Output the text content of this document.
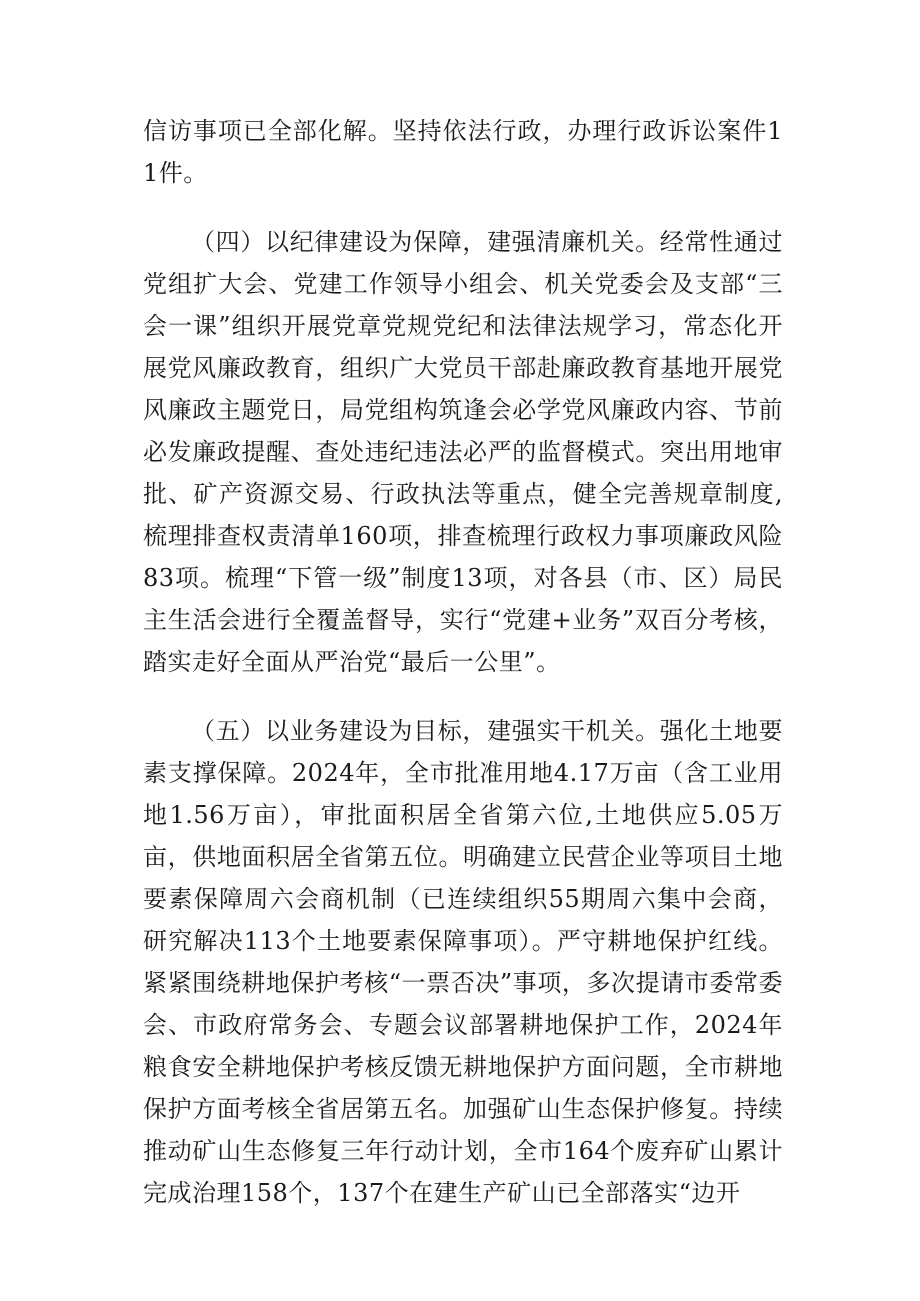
信访事项已全部化解。坚持依法行政，办理行政诉讼案件11件。

（四）以纪律建设为保障，建强清廉机关。经常性通过党组扩大会、党建工作领导小组会、机关党委会及支部“三会一课”组织开展党章党规党纪和法律法规学习，常态化开展党风廉政教育，组织广大党员干部赴廉政教育基地开展党风廉政主题党日，局党组构筑逢会必学党风廉政内容、节前必发廉政提醒、查处违纪违法必严的监督模式。突出用地审批、矿产资源交易、行政执法等重点，健全完善规章制度,梳理排查权责清单160项，排查梳理行政权力事项廉政风险83项。梳理“下管一级”制度13项，对各县（市、区）局民主生活会进行全覆盖督导，实行“党建+业务”双百分考核，踏实走好全面从严治党“最后一公里”。

（五）以业务建设为目标，建强实干机关。强化土地要素支撑保障。2024年，全市批准用地4.17万亩（含工业用地1.56万亩），审批面积居全省第六位,土地供应5.05万亩，供地面积居全省第五位。明确建立民营企业等项目土地要素保障周六会商机制（已连续组织55期周六集中会商，研究解决113个土地要素保障事项）。严守耕地保护红线。紧紧围绕耕地保护考核“一票否决”事项，多次提请市委常委会、市政府常务会、专题会议部署耕地保护工作，2024年粮食安全耕地保护考核反馈无耕地保护方面问题，全市耕地保护方面考核全省居第五名。加强矿山生态保护修复。持续推动矿山生态修复三年行动计划，全市164个废弃矿山累计完成治理158个，137个在建生产矿山已全部落实“边开
